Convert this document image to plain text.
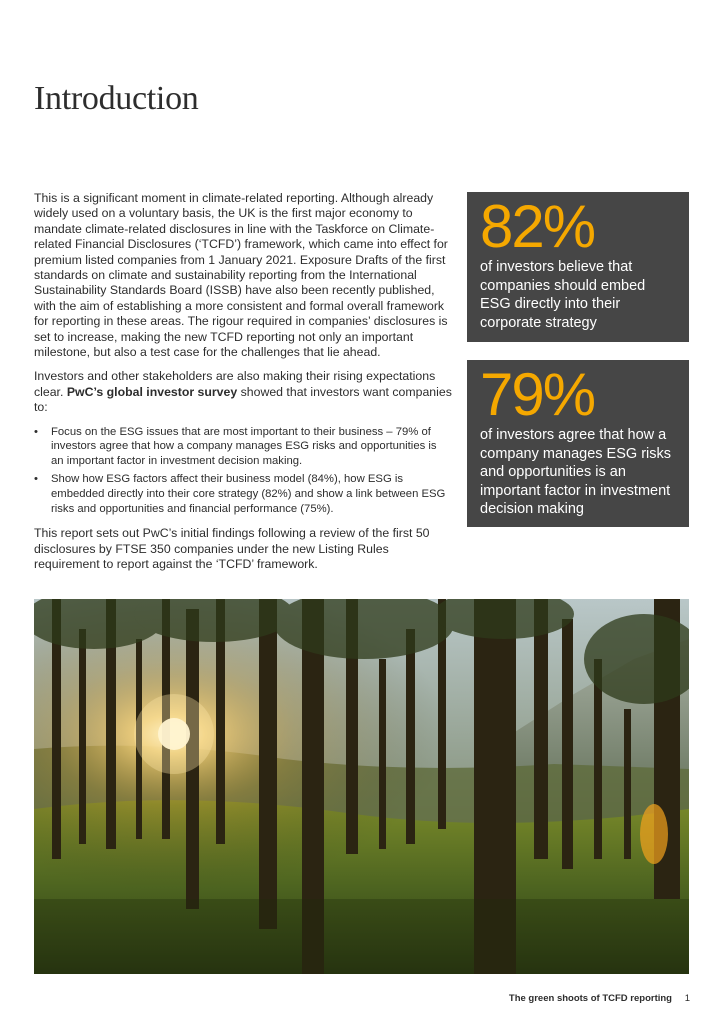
Introduction

This is a significant moment in climate-related reporting. Although already widely used on a voluntary basis, the UK is the first major economy to mandate climate-related disclosures in line with the Taskforce on Climate-related Financial Disclosures (‘TCFD’) framework, which came into effect for premium listed companies from 1 January 2021. Exposure Drafts of the first standards on climate and sustainability reporting from the International Sustainability Standards Board (ISSB) have also been recently published, with the aim of establishing a more consistent and formal overall framework for reporting in these areas. The rigour required in companies’ disclosures is set to increase, making the new TCFD reporting not only an important milestone, but also a test case for the challenges that lie ahead.

Investors and other stakeholders are also making their rising expectations clear. PwC’s global investor survey showed that investors want companies to:

• Focus on the ESG issues that are most important to their business – 79% of investors agree that how a company manages ESG risks and opportunities is an important factor in investment decision making.
• Show how ESG factors affect their business model (84%), how ESG is embedded directly into their core strategy (82%) and show a link between ESG risks and opportunities and financial performance (75%).

This report sets out PwC’s initial findings following a review of the first 50 disclosures by FTSE 350 companies under the new Listing Rules requirement to report against the ‘TCFD’ framework.

82%

of investors believe that companies should embed ESG directly into their corporate strategy

79%

of investors agree that how a company manages ESG risks and opportunities is an important factor in investment decision making

The green shoots of TCFD reporting 1
